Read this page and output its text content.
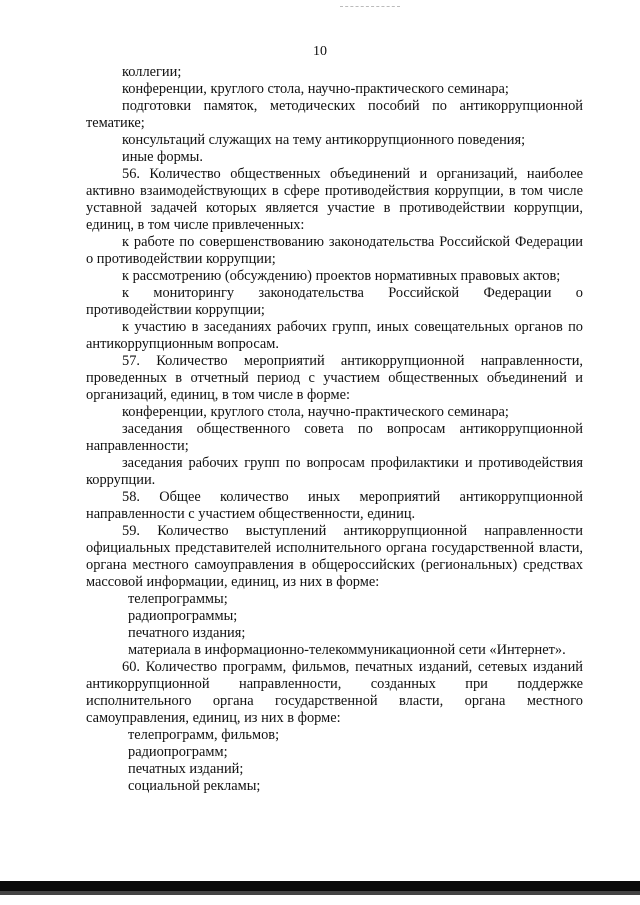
10

коллегии;

конференции, круглого стола, научно-практического семинара;

подготовки памяток, методических пособий по антикоррупционной тематике;

консультаций служащих на тему антикоррупционного поведения;

иные формы.

56. Количество общественных объединений и организаций, наиболее активно взаимодействующих в сфере противодействия коррупции, в том числе уставной задачей которых является участие в противодействии коррупции, единиц, в том числе привлеченных:

к работе по совершенствованию законодательства Российской Федерации о противодействии коррупции;

к рассмотрению (обсуждению) проектов нормативных правовых актов;

к мониторингу законодательства Российской Федерации о противодействии коррупции;

к участию в заседаниях рабочих групп, иных совещательных органов по антикоррупционным вопросам.

57. Количество мероприятий антикоррупционной направленности, проведенных в отчетный период с участием общественных объединений и организаций, единиц, в том числе в форме:

конференции, круглого стола, научно-практического семинара;

заседания общественного совета по вопросам антикоррупционной направленности;

заседания рабочих групп по вопросам профилактики и противодействия коррупции.

58. Общее количество иных мероприятий антикоррупционной направленности с участием общественности, единиц.

59. Количество выступлений антикоррупционной направленности официальных представителей исполнительного органа государственной власти, органа местного самоуправления в общероссийских (региональных) средствах массовой информации, единиц, из них в форме:

телепрограммы;

радиопрограммы;

печатного издания;

материала в информационно-телекоммуникационной сети «Интернет».

60. Количество программ, фильмов, печатных изданий, сетевых изданий антикоррупционной направленности, созданных при поддержке исполнительного органа государственной власти, органа местного самоуправления, единиц, из них в форме:

телепрограмм, фильмов;

радиопрограмм;

печатных изданий;

социальной рекламы;
